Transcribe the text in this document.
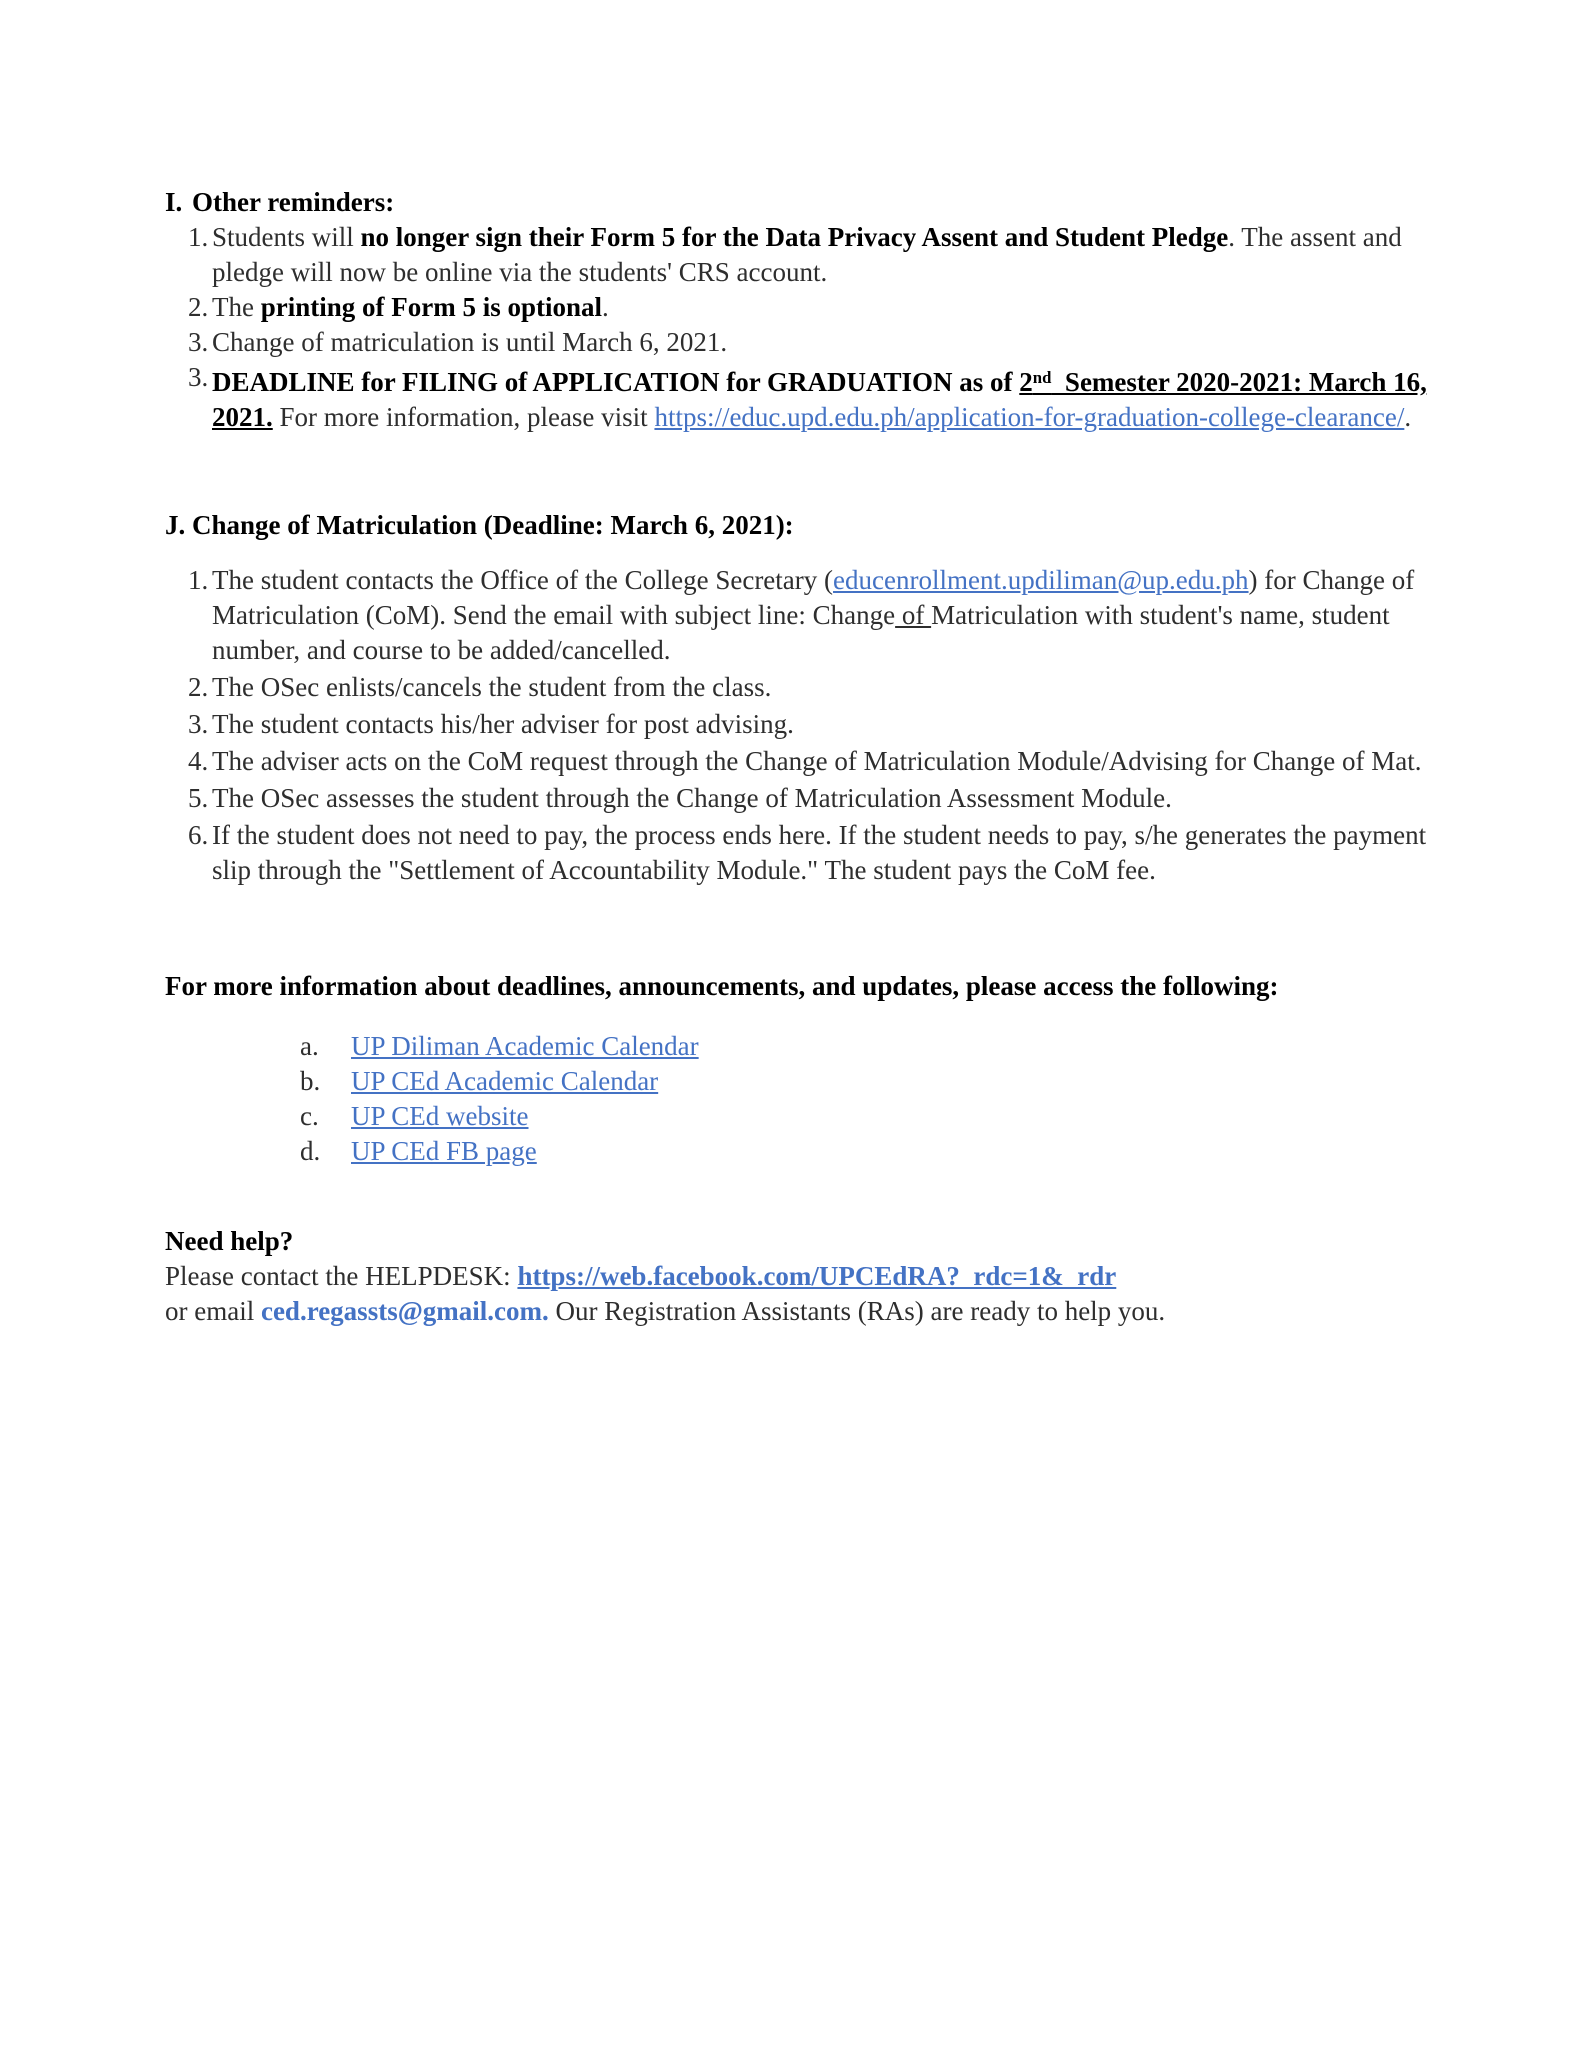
I. Other reminders:

1. Students will no longer sign their Form 5 for the Data Privacy Assent and Student Pledge. The assent and pledge will now be online via the students' CRS account.

2. The printing of Form 5 is optional.

3. Change of matriculation is until March 6, 2021.

3. DEADLINE for FILING of APPLICATION for GRADUATION as of 2nd  Semester 2020-2021: March 16, 2021. For more information, please visit https://educ.upd.edu.ph/application-for-graduation-college-clearance/.

J. Change of Matriculation (Deadline: March 6, 2021):

1. The student contacts the Office of the College Secretary (educenrollment.updiliman@up.edu.ph) for Change of Matriculation (CoM). Send the email with subject line: Change of Matriculation with student's name, student number, and course to be added/cancelled.

2. The OSec enlists/cancels the student from the class.

3. The student contacts his/her adviser for post advising.

4. The adviser acts on the CoM request through the Change of Matriculation Module/Advising for Change of Mat.

5. The OSec assesses the student through the Change of Matriculation Assessment Module.

6. If the student does not need to pay, the process ends here. If the student needs to pay, s/he generates the payment slip through the "Settlement of Accountability Module." The student pays the CoM fee.

For more information about deadlines, announcements, and updates, please access the following:

a.	UP Diliman Academic Calendar
b.	UP CEd Academic Calendar
c.	UP CEd website
d.	UP CEd FB page

Need help?

Please contact the HELPDESK: https://web.facebook.com/UPCEdRA?_rdc=1&_rdr

or email ced.regassts@gmail.com. Our Registration Assistants (RAs) are ready to help you.
